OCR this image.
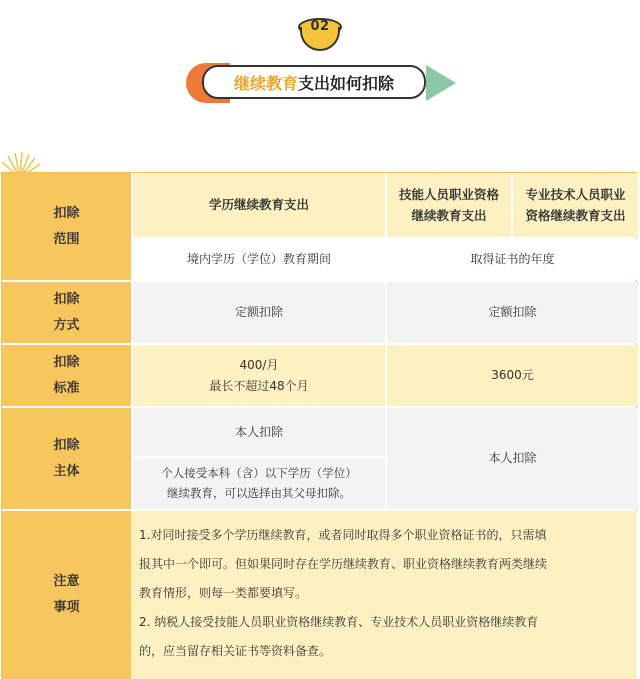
02
继续教育 支出如何扣除
扣除
范围
学历继续教育支出
技能人员职业资格
继续教育支出
专业技术人员职业
资格继续教育支出
境内学历（学位）教育期间	取得证书的年度
扣除
方式
定额扣除	定额扣除
扣除
标准
400/月
最长不超过48个月
3600元
扣除
主体
本人扣除
个人接受本科（含）以下学历（学位）
继续教育，可以选择由其父母扣除。
本人扣除
注意
事项

1.对同时接受多个学历继续教育，或者同时取得多个职业资格证书的，只需填

报其中一个即可。但如果同时存在学历继续教育、职业资格继续教育两类继续

教育情形，则每一类都要填写。

2. 纳税人接受技能人员职业资格继续教育、专业技术人员职业资格继续教育

的，应当留存相关证书等资料备查。
